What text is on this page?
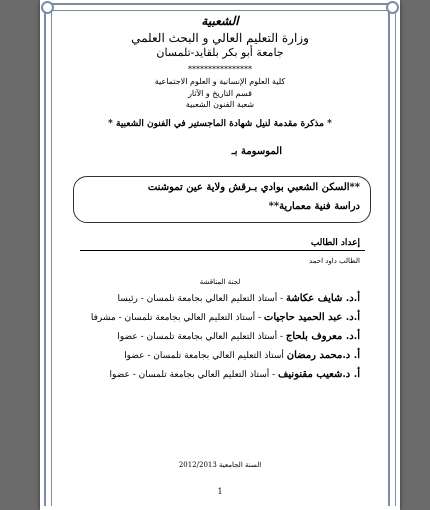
الشعبية
وزارة التعليم العالي و البحث العلمي
جامعة أبو بكر بلقايد-تلمسان
****************
كلية العلوم الإنسانية و العلوم الاجتماعية
قسم التاريخ و الآثار
شعبة الفنون الشعبية
* مذكرة مقدمة لنيل شهادة الماجستير في الفنون الشعبية *
الموسومة بـ
**السكن الشعبي بوادي بـرقش ولاية عين تموشنت
دراسة فنية معمارية**
إعداد الطالب
الطالب داود احمد
لجنة المناقشة
أ.د. شايف عكاشة - أستاذ التعليم العالي بجامعة تلمسان - رئيسا
أ.د. عبد الحميد حاجيات - أستاذ التعليم العالي بجامعة تلمسان - مشرفا
أ.د. معروف بلحاج - أستاذ التعليم العالي بجامعة تلمسان - عضوا
أ. د.محمد رمضان أستاذ التعليم العالي بجامعة تلمسان - عضوا
أ. د.شعيب مقنونيف - أستاذ التعليم العالي بجامعة تلمسان - عضوا
السنة الجامعية 2012/2013
1
